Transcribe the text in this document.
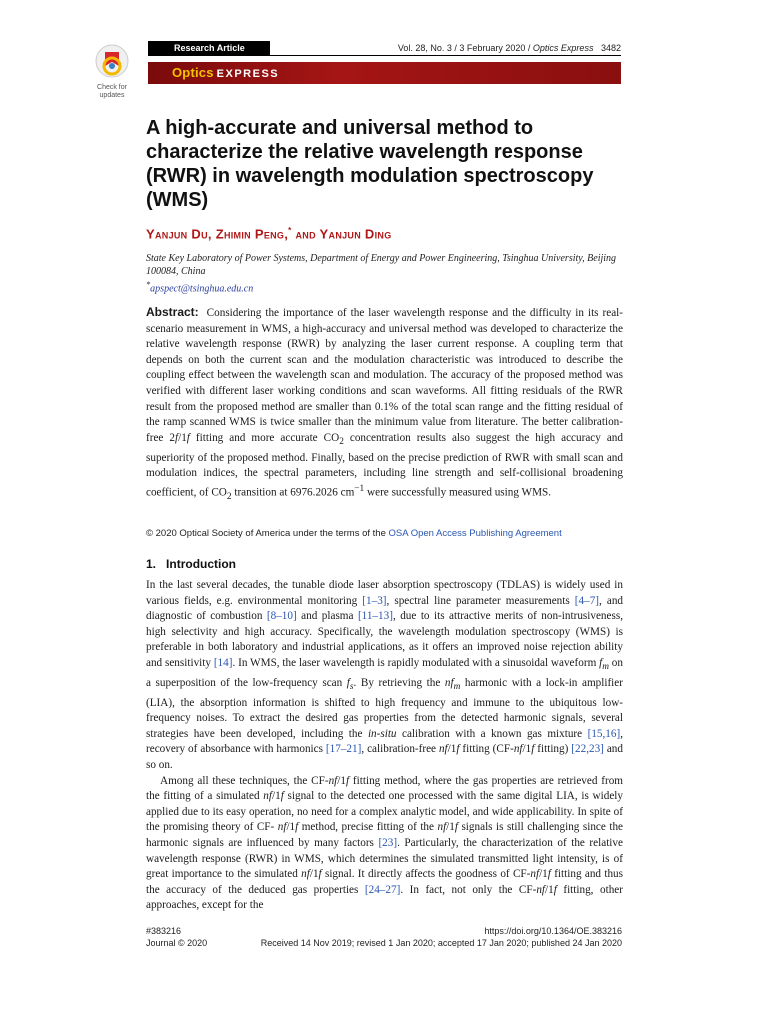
Check for
updates
Research Article	Vol. 28, No. 3 / 3 February 2020 / Optics Express 3482
Optics EXPRESS
A high-accurate and universal method to characterize the relative wavelength response (RWR) in wavelength modulation spectroscopy (WMS)
Yanjun Du, Zhimin Peng,* and Yanjun Ding
State Key Laboratory of Power Systems, Department of Energy and Power Engineering, Tsinghua University, Beijing 100084, China
*apspect@tsinghua.edu.cn
Abstract: Considering the importance of the laser wavelength response and the difficulty in its real-scenario measurement in WMS, a high-accuracy and universal method was developed to characterize the relative wavelength response (RWR) by analyzing the laser current response. A coupling term that depends on both the current scan and the modulation characteristic was introduced to describe the coupling effect between the wavelength scan and modulation. The accuracy of the proposed method was verified with different laser working conditions and scan waveforms. All fitting residuals of the RWR result from the proposed method are smaller than 0.1% of the total scan range and the fitting residual of the ramp scanned WMS is twice smaller than the minimum value from literature. The better calibration-free 2f/1f fitting and more accurate $CO_2$ concentration results also suggest the high accuracy and superiority of the proposed method. Finally, based on the precise prediction of RWR with small scan and modulation indices, the spectral parameters, including line strength and self-collisional broadening coefficient, of $CO_2$ transition at 6976.2026 $cm^{-1}$ were successfully measured using WMS.
© 2020 Optical Society of America under the terms of the OSA Open Access Publishing Agreement
1. Introduction

In the last several decades, the tunable diode laser absorption spectroscopy (TDLAS) is widely used in various fields, e.g. environmental monitoring [1–3], spectral line parameter measurements [4–7], and diagnostic of combustion [8–10] and plasma [11–13], due to its attractive merits of non-intrusiveness, high selectivity and high accuracy. Specifically, the wavelength modulation spectroscopy (WMS) is preferable in both laboratory and industrial applications, as it offers an improved noise rejection ability and sensitivity [14]. In WMS, the laser wavelength is rapidly modulated with a sinusoidal waveform $f_m$ on a superposition of the low-frequency scan $f_s$. By retrieving the $nf_m$ harmonic with a lock-in amplifier (LIA), the absorption information is shifted to high frequency and immune to the ubiquitous low-frequency noises. To extract the desired gas properties from the detected harmonic signals, several strategies have been developed, including the in-situ calibration with a known gas mixture [15,16], recovery of absorbance with harmonics [17–21], calibration-free nf/1f fitting (CF-nf/1f fitting) [22,23] and so on.

Among all these techniques, the CF-nf/1f fitting method, where the gas properties are retrieved from the fitting of a simulated nf/1f signal to the detected one processed with the same digital LIA, is widely applied due to its easy operation, no need for a complex analytic model, and wide applicability. In spite of the promising theory of CF- nf/1f method, precise fitting of the nf/1f signals is still challenging since the harmonic signals are influenced by many factors [23]. Particularly, the characterization of the relative wavelength response (RWR) in WMS, which determines the simulated transmitted light intensity, is of great importance to the simulated nf/1f signal. It directly affects the goodness of CF-nf/1f fitting and thus the accuracy of the deduced gas properties [24–27]. In fact, not only the CF-nf/1f fitting, other approaches, except for the

#383216
Journal © 2020
https://doi.org/10.1364/OE.383216
Received 14 Nov 2019; revised 1 Jan 2020; accepted 17 Jan 2020; published 24 Jan 2020
